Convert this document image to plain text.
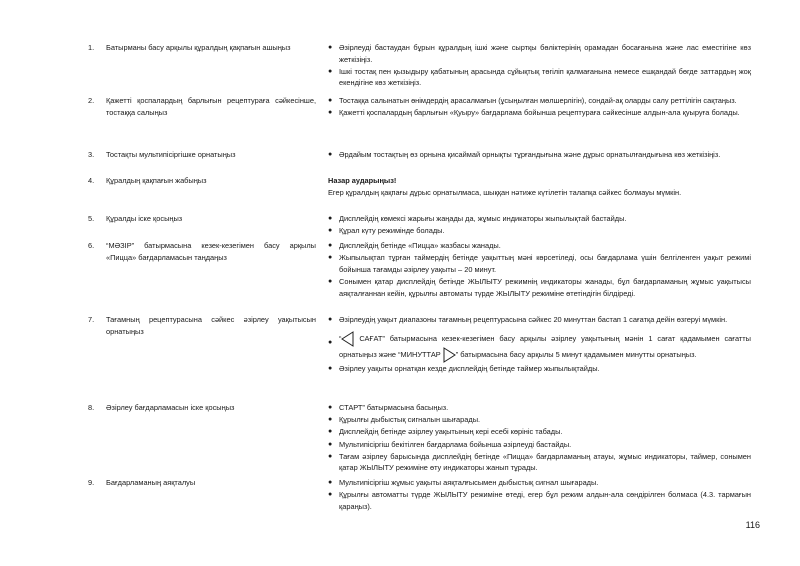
1. Батырманы басу арқылы құралдың қақпағын ашыңыз	● Әзірлеуді бастаудан бұрын құралдың ішкі және сыртқы бөліктерінің орамадан босағанына және лас еместігіне көз жеткізіңіз.
● Ішкі тостақ пен қызыдыру қабатының арасында сұйықтық төгіліп қалмағанына немесе ешқандай бөгде заттардың жоқ екендігіне көз жеткізіңіз.
2. Қажетті қоспалардың барлығын рецептураға сәйкесінше, тостаққа салыңыз
● Тостаққа салынатын өнімдердің арасалмағын (ұсыңылған мөлшерлігін), сондай-ақ оларды салу реттілігін сақтаңыз.
● Қажетті қоспалардың барлығын «Қуыру» бағдарлама бойынша рецептураға сәйкесінше алдын-ала қуыруға болады.
3. Тостақты мультипісіргішке орнатыңыз	● Әрдайым тостақтың өз орнына қисаймай орнықты тұрғандығына және дұрыс орнатылғандығына көз жеткізіңіз.
4. Құралдың қақпағын жабыңыз	Назар аударыңыз!
Егер құралдың қақпағы дұрыс орнатылмаса, шыққан нәтиже күтілетін талапқа сәйкес болмауы мүмкін.
5. Құралды іске қосыңыз	● Дисплейдің көмексі жарығы жаңады да, жұмыс индикаторы жыпылықтай бастайды.
● Құрал күту режимінде болады.
6. “МӘЗІР” батырмасына кезек-кезегімен басу арқылы «Пицца» бағдарламасын таңдаңыз
● Дисплейдің бетінде «Пицца» жазбасы жанады.
● Жыпылықтап тұрған таймердің бетінде уақыттың мәні көрсетіледі, осы бағдарлама үшін белгіленген уақыт режимі бойынша тағамды әзірлеу уақыты – 20 минут.
● Сонымен қатар дисплейдің бетінде ЖЫЛЫТУ режимнің индикаторы жанады, бұл бағдарламаның жұмыс уақытысы аяқталғаннан кейін, құрылғы автоматы түрде ЖЫЛЫТУ режиміне өтетіндігін білдіреді.
7. Тағамның рецептурасына сәйкес әзірлеу уақытысын орнатыңыз
● Әзірлеудің уақыт диапазоны тағамның рецептурасына сәйкес 20 минуттан бастап 1 сағатқа дейін өзгеруі мүмкін.
● “ САҒАТ” батырмасына кезек-кезегімен басу арқылы әзірлеу уақытының мәнін 1 сағат қадамымен сағатты орнатыңыз және “МИНУТТАР ” батырмасына басу арқылы 5 минут қадамымен минутты орнатыңыз.
● Әзірлеу уақыты орнатқан кезде дисплейдің бетінде таймер жыпылықтайды.
8. Әзірлеу бағдарламасын іске қосыңыз	● СТАРТ” батырмасына басыңыз.
● Құрылғы дыбыстық сигналын шығарады.
● Дисплейдің бетінде әзірлеу уақытының кері есебі көрініс табады.
● Мультипісіргіш бекітілген бағдарлама бойынша әзірлеуді бастайды.
● Тағам әзірлеу барысында дисплейдің бетінде «Пицца» бағдарламаның атауы, жұмыс индикаторы, таймер, сонымен қатар ЖЫЛЫТУ режиміне өту индикаторы жанып тұрады.
9. Бағдарламаның аяқталуы	● Мультипісіргіш жұмыс уақыты аяқталғысымен дыбыстық сигнал шығарады.
● Құрылғы автоматты түрде ЖЫЛЫТУ режиміне өтеді, егер бұл режим алдын-ала сөндірілген болмаса (4.3. тармағын қараңыз).
116
